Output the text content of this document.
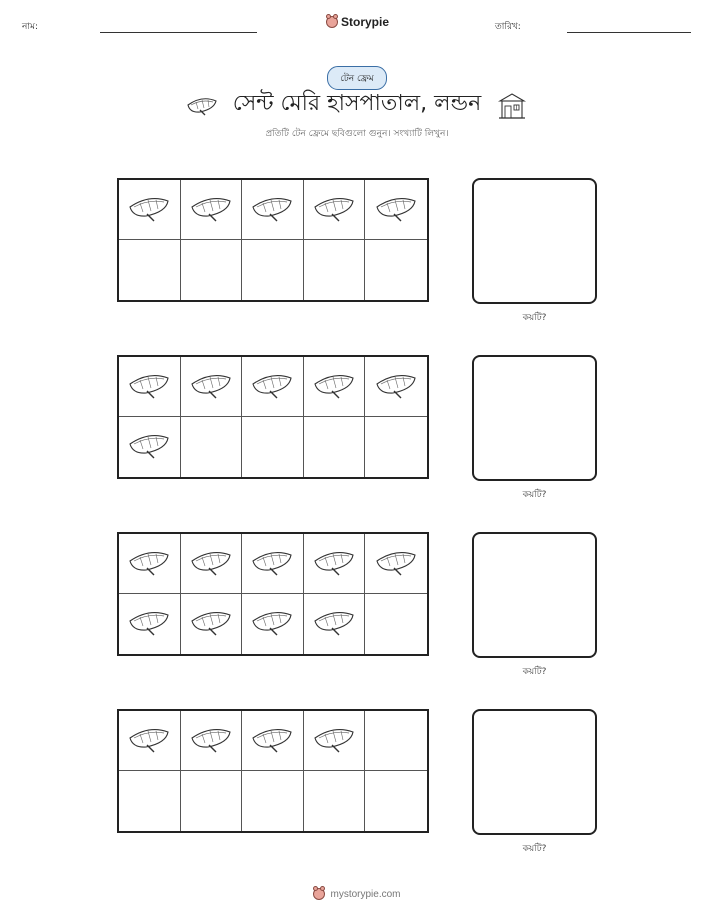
নাম:	Storypie	তারিখ:
টেন ফ্রেম
সেন্ট মেরি হাসপাতাল, লন্ডন
প্রতিটি টেন ফ্রেমে ছবিগুলো গুনুন। সংখ্যাটি লিখুন।
কয়টি?
কয়টি?
কয়টি?
কয়টি?
mystorypie.com
